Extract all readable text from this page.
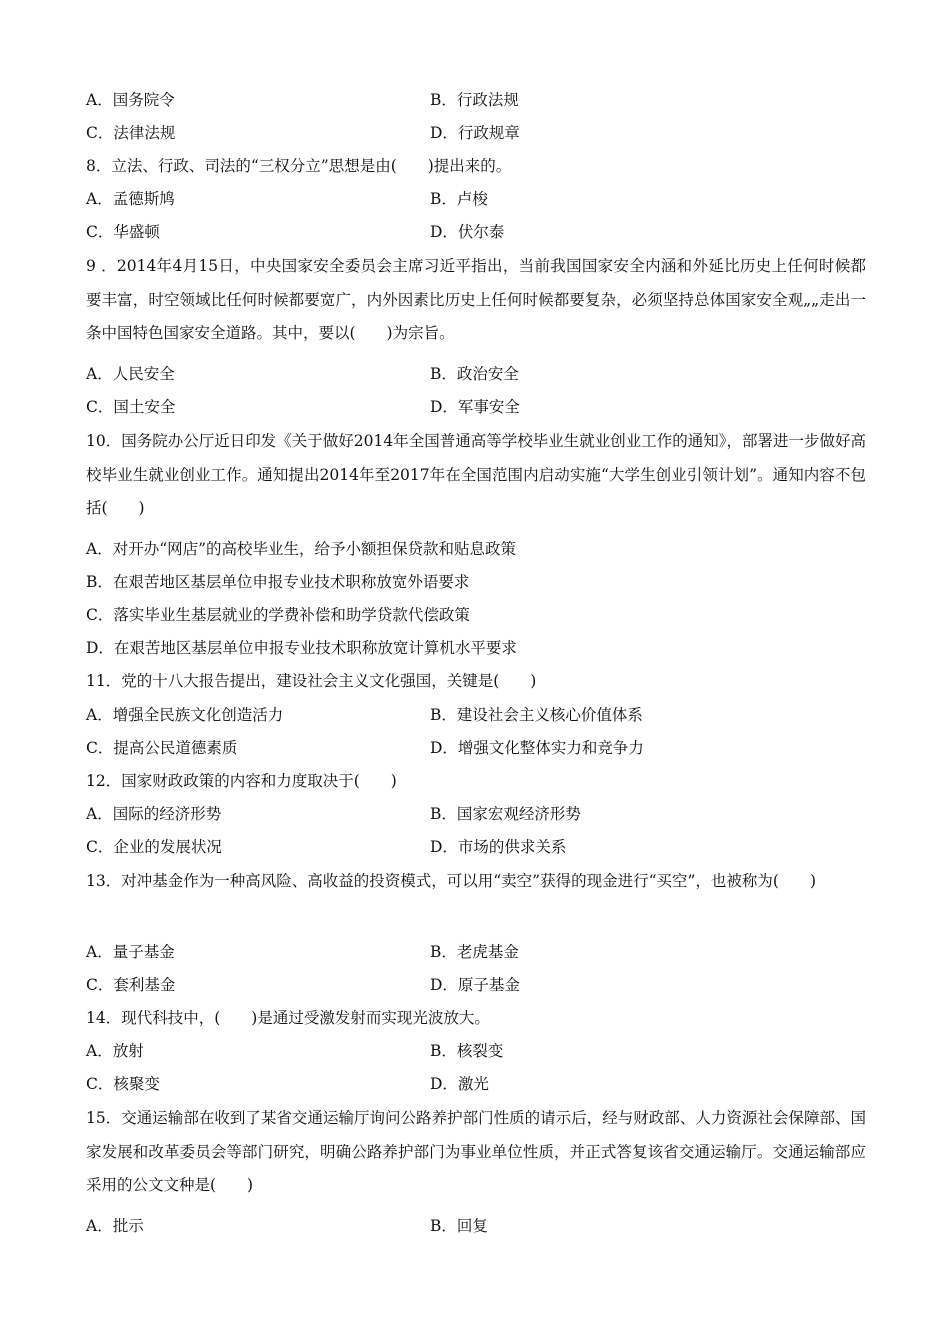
A．国务院令	B．行政法规
C．法律法规	D．行政规章
8．立法、行政、司法的“三权分立”思想是由(　　)提出来的。
A．孟德斯鸠	B．卢梭
C．华盛顿	D．伏尔泰
9 ．2014年4月15日，中央国家安全委员会主席习近平指出，当前我国国家安全内涵和外延比历史上任何时候都要丰富，时空领域比任何时候都要宽广，内外因素比历史上任何时候都要复杂，必须坚持总体国家安全观„„走出一条中国特色国家安全道路。其中，要以(　　)为宗旨。
A．人民安全	B．政治安全
C．国土安全	D．军事安全
10．国务院办公厅近日印发《关于做好2014年全国普通高等学校毕业生就业创业工作的通知》，部署进一步做好高校毕业生就业创业工作。通知提出2014年至2017年在全国范围内启动实施“大学生创业引领计划”。通知内容不包括(　　)
A．对开办“网店”的高校毕业生，给予小额担保贷款和贴息政策
B．在艰苦地区基层单位申报专业技术职称放宽外语要求
C．落实毕业生基层就业的学费补偿和助学贷款代偿政策
D．在艰苦地区基层单位申报专业技术职称放宽计算机水平要求
11．党的十八大报告提出，建设社会主义文化强国，关键是(　　)
A．增强全民族文化创造活力	B．建设社会主义核心价值体系
C．提高公民道德素质	D．增强文化整体实力和竞争力
12．国家财政政策的内容和力度取决于(　　)
A．国际的经济形势	B．国家宏观经济形势
C．企业的发展状况	D．市场的供求关系
13．对冲基金作为一种高风险、高收益的投资模式，可以用“卖空”获得的现金进行“买空”，也被称为(　　)
A．量子基金	B．老虎基金
C．套利基金	D．原子基金
14．现代科技中，(　　)是通过受激发射而实现光波放大。
A．放射	B．核裂变
C．核聚变	D．激光
15．交通运输部在收到了某省交通运输厅询问公路养护部门性质的请示后，经与财政部、人力资源社会保障部、国家发展和改革委员会等部门研究，明确公路养护部门为事业单位性质，并正式答复该省交通运输厅。交通运输部应采用的公文文种是(　　)
A．批示	B．回复
